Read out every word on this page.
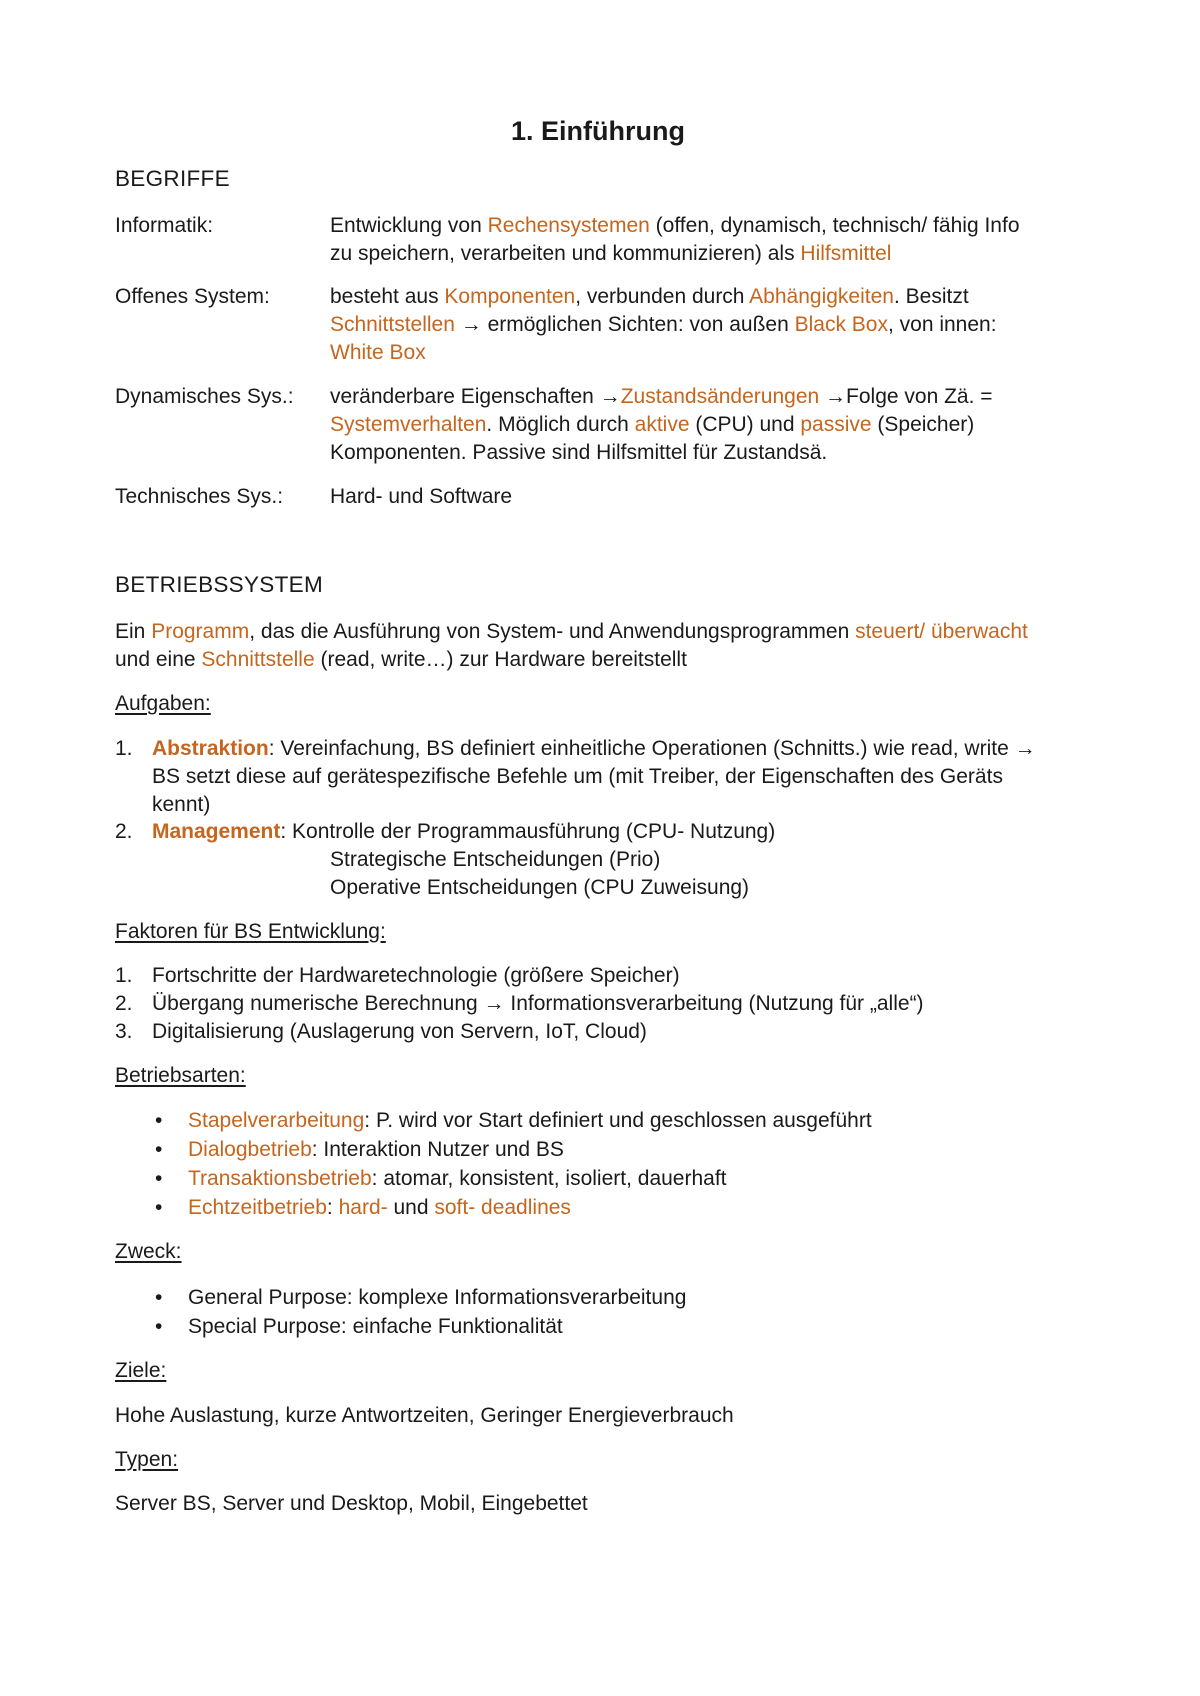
1. Einführung
BEGRIFFE
Informatik:	Entwicklung von Rechensystemen (offen, dynamisch, technisch/ fähig Info
zu speichern, verarbeiten und kommunizieren) als Hilfsmittel
Offenes System:	besteht aus Komponenten, verbunden durch Abhängigkeiten. Besitzt
Schnittstellen → ermöglichen Sichten: von außen Black Box, von innen:
White Box
Dynamisches Sys.: veränderbare Eigenschaften →Zustandsänderungen →Folge von Zä. =
Systemverhalten. Möglich durch aktive (CPU) und passive (Speicher)
Komponenten. Passive sind Hilfsmittel für Zustandsä.
Technisches Sys.: Hard- und Software
BETRIEBSSYSTEM
Ein Programm, das die Ausführung von System- und Anwendungsprogrammen steuert/ überwacht
und eine Schnittstelle (read, write…) zur Hardware bereitstellt
Aufgaben:
1. Abstraktion: Vereinfachung, BS definiert einheitliche Operationen (Schnitts.) wie read, write →
BS setzt diese auf gerätespezifische Befehle um (mit Treiber, der Eigenschaften des Geräts
kennt)
2. Management: Kontrolle der Programmausführung (CPU- Nutzung)
Strategische Entscheidungen (Prio)
Operative Entscheidungen (CPU Zuweisung)
Faktoren für BS Entwicklung:
1. Fortschritte der Hardwaretechnologie (größere Speicher)
2. Übergang numerische Berechnung → Informationsverarbeitung (Nutzung für „alle“)
3. Digitalisierung (Auslagerung von Servern, IoT, Cloud)
Betriebsarten:
• Stapelverarbeitung: P. wird vor Start definiert und geschlossen ausgeführt
• Dialogbetrieb: Interaktion Nutzer und BS
• Transaktionsbetrieb: atomar, konsistent, isoliert, dauerhaft
• Echtzeitbetrieb: hard- und soft- deadlines
Zweck:
• General Purpose: komplexe Informationsverarbeitung
• Special Purpose: einfache Funktionalität
Ziele:
Hohe Auslastung, kurze Antwortzeiten, Geringer Energieverbrauch
Typen:
Server BS, Server und Desktop, Mobil, Eingebettet
